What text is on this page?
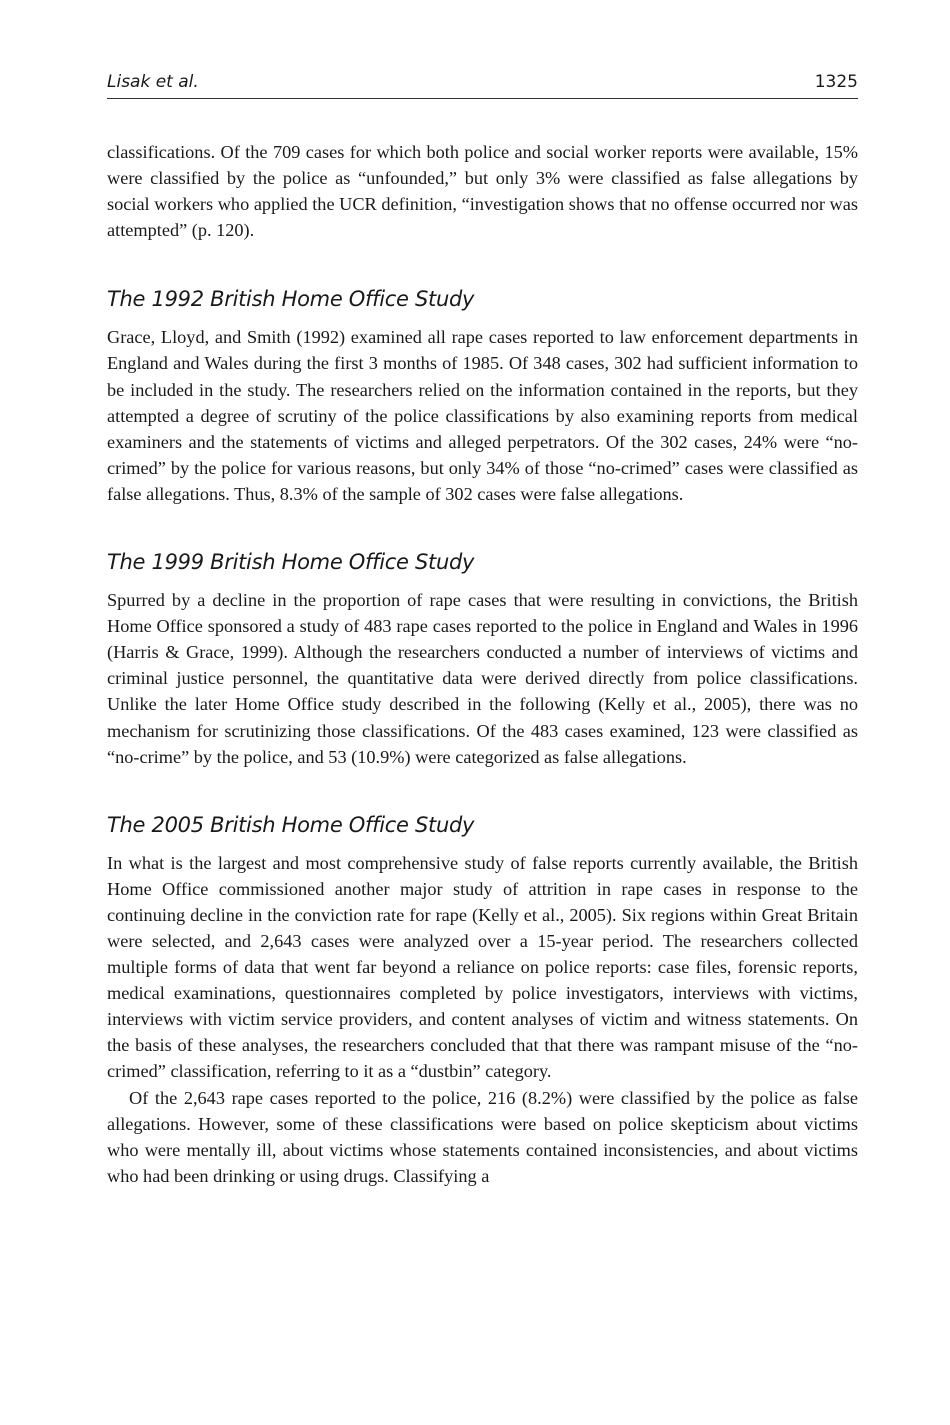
Lisak et al.	1325

classifications. Of the 709 cases for which both police and social worker reports were available, 15% were classified by the police as “unfounded,” but only 3% were classified as false allegations by social workers who applied the UCR definition, “investigation shows that no offense occurred nor was attempted” (p. 120).

The 1992 British Home Office Study

Grace, Lloyd, and Smith (1992) examined all rape cases reported to law enforcement departments in England and Wales during the first 3 months of 1985. Of 348 cases, 302 had sufficient information to be included in the study. The researchers relied on the information contained in the reports, but they attempted a degree of scrutiny of the police classifications by also examining reports from medical examiners and the statements of victims and alleged perpetrators. Of the 302 cases, 24% were “no-crimed” by the police for various reasons, but only 34% of those “no-crimed” cases were classified as false allegations. Thus, 8.3% of the sample of 302 cases were false allegations.

The 1999 British Home Office Study

Spurred by a decline in the proportion of rape cases that were resulting in convictions, the British Home Office sponsored a study of 483 rape cases reported to the police in England and Wales in 1996 (Harris & Grace, 1999). Although the researchers conducted a number of interviews of victims and criminal justice personnel, the quantitative data were derived directly from police classifications. Unlike the later Home Office study described in the following (Kelly et al., 2005), there was no mechanism for scrutinizing those classifications. Of the 483 cases examined, 123 were classified as “no-crime” by the police, and 53 (10.9%) were categorized as false allegations.

The 2005 British Home Office Study

In what is the largest and most comprehensive study of false reports currently available, the British Home Office commissioned another major study of attrition in rape cases in response to the continuing decline in the conviction rate for rape (Kelly et al., 2005). Six regions within Great Britain were selected, and 2,643 cases were analyzed over a 15-year period. The researchers collected multiple forms of data that went far beyond a reliance on police reports: case files, forensic reports, medical examinations, questionnaires completed by police investigators, interviews with victims, interviews with victim service providers, and content analyses of victim and witness statements. On the basis of these analyses, the researchers concluded that that there was rampant misuse of the “no-crimed” classification, referring to it as a “dustbin” category.

Of the 2,643 rape cases reported to the police, 216 (8.2%) were classified by the police as false allegations. However, some of these classifications were based on police skepticism about victims who were mentally ill, about victims whose statements contained inconsistencies, and about victims who had been drinking or using drugs. Classifying a
